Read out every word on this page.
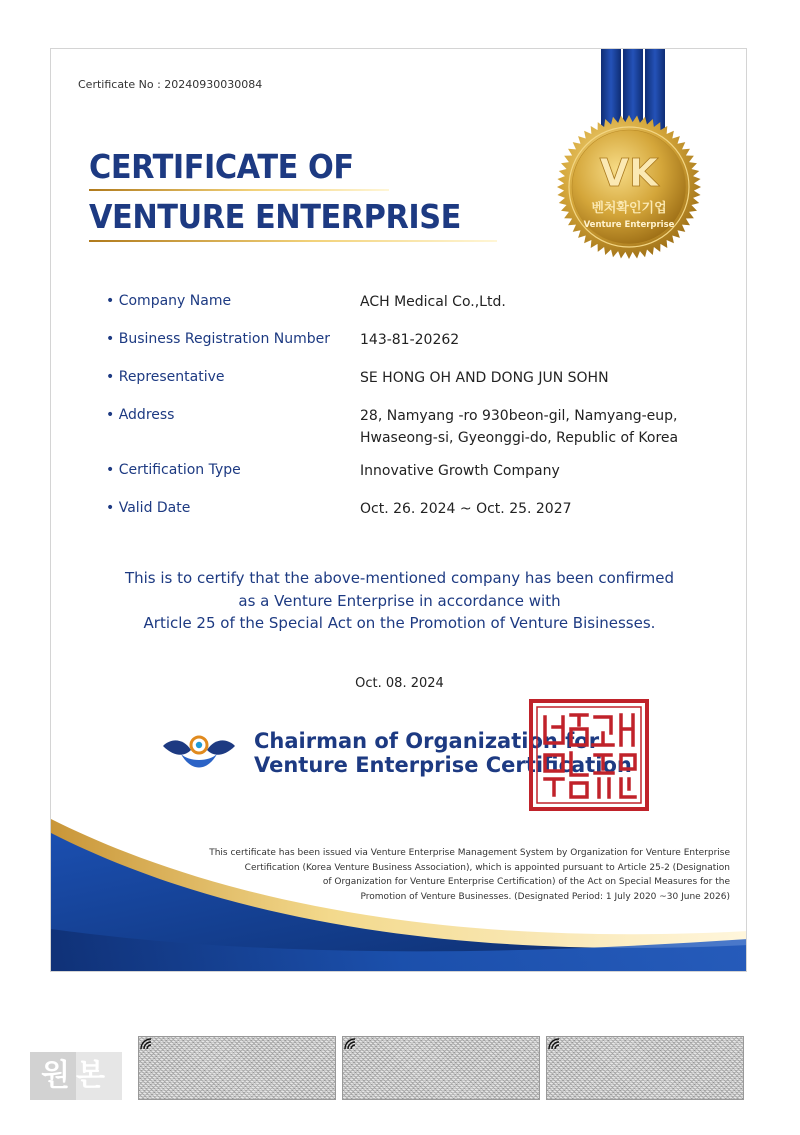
Certificate No : 20240930030084
VK
벤처확인기업
Venture Enterprise
CERTIFICATE OF
VENTURE ENTERPRISE
• Company Name	ACH Medical Co.,Ltd.
• Business Registration Number 143-81-20262
• Representative	SE HONG OH AND DONG JUN SOHN
• Address	28, Namyang -ro 930beon-gil, Namyang-eup,
Hwaseong-si, Gyeonggi-do, Republic of Korea
• Certification Type	Innovative Growth Company
• Valid Date	Oct. 26. 2024 ~ Oct. 25. 2027
This is to certify that the above-mentioned company has been confirmed
as a Venture Enterprise in accordance with
Article 25 of the Special Act on the Promotion of Venture Bisinesses.
Oct. 08. 2024
Chairman of Organization for
Venture Enterprise Certification
This certificate has been issued via Venture Enterprise Management System by Organization for Venture Enterprise
Certification (Korea Venture Business Association), which is appointed pursuant to Article 25-2 (Designation
of Organization for Venture Enterprise Certification) of the Act on Special Measures for the
Promotion of Venture Businesses. (Designated Period: 1 July 2020 ~30 June 2026)
원본
